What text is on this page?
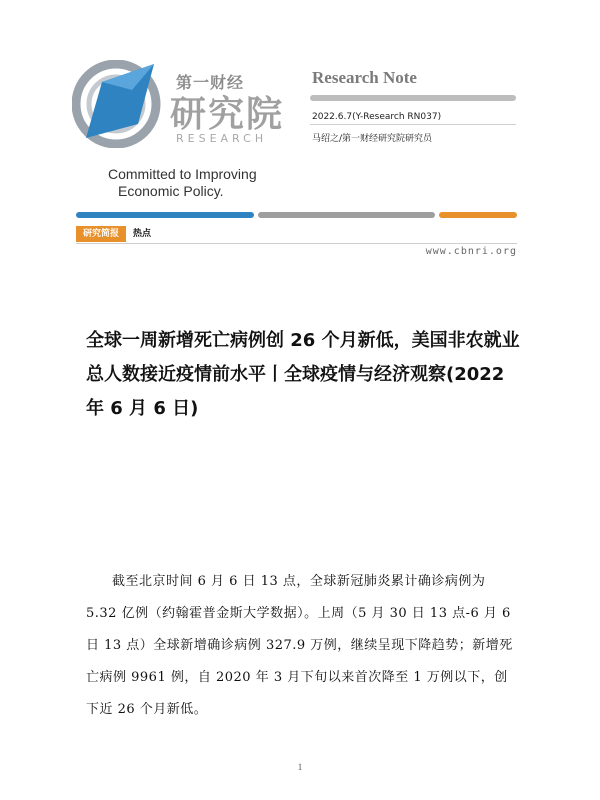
第一财经
研究院
RESEARCH
Committed to Improving
Economic Policy.
Research Note
2022.6.7(Y-Research RN037)
马绍之/第一财经研究院研究员
研究简报	热点
www.cbnri.org
全球一周新增死亡病例创 26 个月新低，美国非农就业总人数接近疫情前水平丨全球疫情与经济观察(2022 年 6 月 6 日)

截至北京时间 6 月 6 日 13 点，全球新冠肺炎累计确诊病例为 5.32 亿例（约翰霍普金斯大学数据）。上周（5 月 30 日 13 点-6 月 6 日 13 点）全球新增确诊病例 327.9 万例，继续呈现下降趋势；新增死亡病例 9961 例，自 2020 年 3 月下旬以来首次降至 1 万例以下，创下近 26 个月新低。

1
